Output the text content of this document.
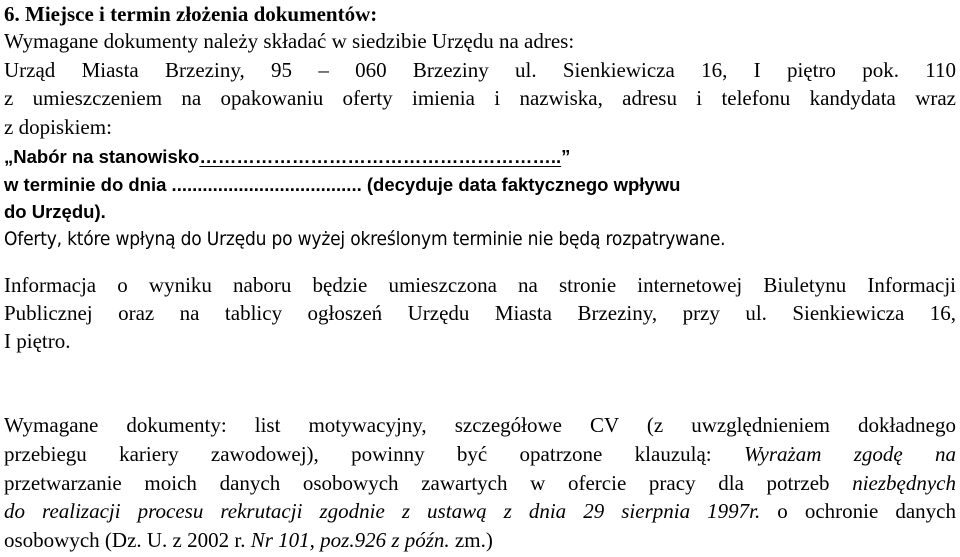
6. Miejsce i termin złożenia dokumentów:
Wymagane dokumenty należy składać w siedzibie Urzędu na adres:
Urząd Miasta Brzeziny, 95 – 060 Brzeziny ul. Sienkiewicza 16, I piętro pok. 110
z umieszczeniem na opakowaniu oferty imienia i nazwiska, adresu i telefonu kandydata wraz
z dopiskiem:
„Nabór na stanowisko…………………………………………………..”
w terminie do dnia ..................................... (decyduje data faktycznego wpływu
do Urzędu).
Oferty, które wpłyną do Urzędu po wyżej określonym terminie nie będą rozpatrywane.
Informacja o wyniku naboru będzie umieszczona na stronie internetowej Biuletynu Informacji
Publicznej oraz na tablicy ogłoszeń Urzędu Miasta Brzeziny, przy ul. Sienkiewicza 16,
I piętro.
Wymagane dokumenty: list motywacyjny, szczegółowe CV (z uwzględnieniem dokładnego
przebiegu kariery zawodowej), powinny być opatrzone klauzulą: Wyrażam zgodę na
przetwarzanie moich danych osobowych zawartych w ofercie pracy dla potrzeb niezbędnych
do realizacji procesu rekrutacji zgodnie z ustawą z dnia 29 sierpnia 1997r. o ochronie danych
osobowych (Dz. U. z 2002 r. Nr 101, poz.926 z późn. zm.)
